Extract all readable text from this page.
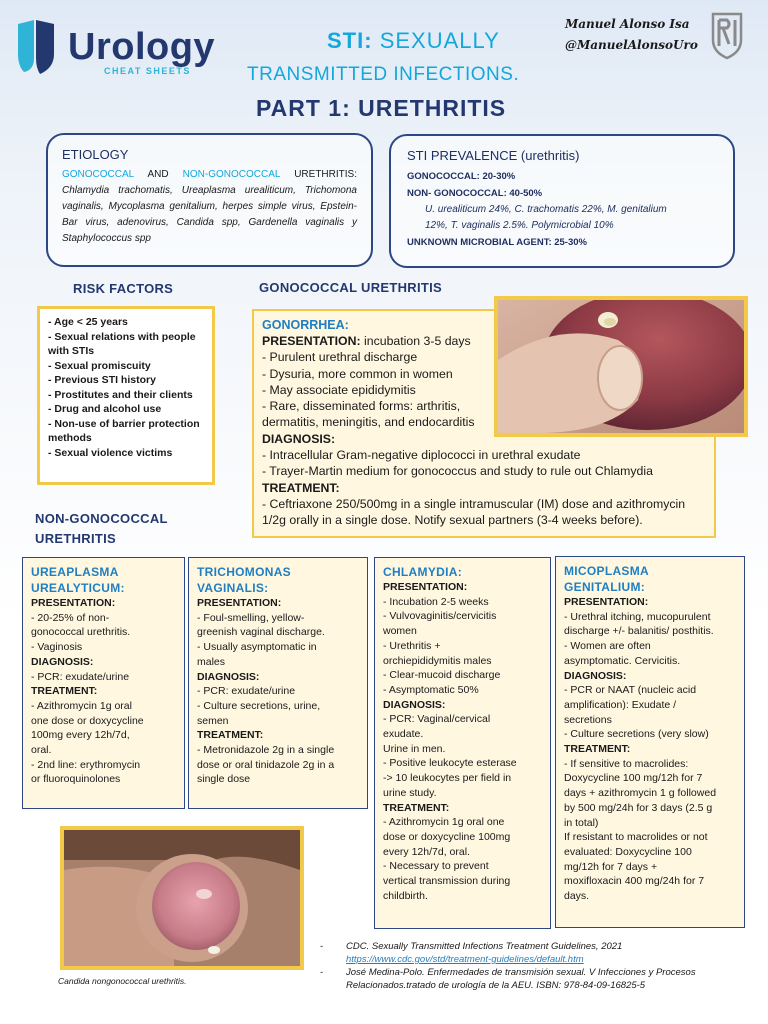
Urology
CHEAT SHEETS
STI: SEXUALLY
TRANSMITTED INFECTIONS.
PART 1: URETHRITIS
Manuel Alonso Isa
@ManuelAlonsoUro
ETIOLOGY
GONOCOCCAL AND NON-GONOCOCCAL URETHRITIS: Chlamydia trachomatis, Ureaplasma urealiticum, Trichomona vaginalis, Mycoplasma genitalium, herpes simple virus, Epstein-Bar virus, adenovirus, Candida spp, Gardenella vaginalis y Staphylococcus spp
STI PREVALENCE (urethritis)
GONOCOCCAL: 20-30%
NON- GONOCOCCAL: 40-50%
U. urealiticum 24%, C. trachomatis 22%, M. genitalium
12%, T. vaginalis 2.5%. Polymicrobial 10%
UNKNOWN MICROBIAL AGENT: 25-30%
RISK FACTORS
- Age < 25 years
- Sexual relations with people with STIs
- Sexual promiscuity
- Previous STI history
- Prostitutes and their clients
- Drug and alcohol use
- Non-use of barrier protection methods
- Sexual violence victims
GONOCOCCAL URETHRITIS
GONORRHEA:
PRESENTATION: incubation 3-5 days
- Purulent urethral discharge
- Dysuria, more common in women
- May associate epididymitis
- Rare, disseminated forms: arthritis,
dermatitis, meningitis, and endocarditis
DIAGNOSIS:
- Intracellular Gram-negative diplococci in urethral exudate
- Trayer-Martin medium for gonococcus and study to rule out Chlamydia
TREATMENT:
- Ceftriaxone 250/500mg in a single intramuscular (IM) dose and azithromycin
1/2g orally in a single dose. Notify sexual partners (3-4 weeks before).
NON-GONOCOCCAL
URETHRITIS
UREAPLASMA
UREALYTICUM:
PRESENTATION:
- 20-25% of non-
gonococcal urethritis.
- Vaginosis
DIAGNOSIS:
- PCR: exudate/urine
TREATMENT:
- Azithromycin 1g oral
one dose or doxycycline
100mg every 12h/7d,
oral.
- 2nd line: erythromycin
or fluoroquinolones
TRICHOMONAS
VAGINALIS:
PRESENTATION:
- Foul-smelling, yellow-
greenish vaginal discharge.
- Usually asymptomatic in
males
DIAGNOSIS:
- PCR: exudate/urine
- Culture secretions, urine,
semen
TREATMENT:
- Metronidazole 2g in a single
dose or oral tinidazole 2g in a
single dose
CHLAMYDIA:
PRESENTATION:
- Incubation 2-5 weeks
- Vulvovaginitis/cervicitis
women
- Urethritis +
orchiepididymitis males
- Clear-mucoid discharge
- Asymptomatic 50%
DIAGNOSIS:
- PCR: Vaginal/cervical
exudate.
Urine in men.
- Positive leukocyte esterase
-> 10 leukocytes per field in
urine study.
TREATMENT:
- Azithromycin 1g oral one
dose or doxycycline 100mg
every 12h/7d, oral.
- Necessary to prevent
vertical transmission during
childbirth.
MICOPLASMA
GENITALIUM:
PRESENTATION:
- Urethral itching, mucopurulent
discharge +/- balanitis/ posthitis.
- Women are often
asymptomatic. Cervicitis.
DIAGNOSIS:
- PCR or NAAT (nucleic acid
amplification): Exudate /
secretions
- Culture secretions (very slow)
TREATMENT:
- If sensitive to macrolides:
Doxycycline 100 mg/12h for 7
days + azithromycin 1 g followed
by 500 mg/24h for 3 days (2.5 g
in total)
If resistant to macrolides or not
evaluated: Doxycycline 100
mg/12h for 7 days +
moxifloxacin 400 mg/24h for 7
days.
Candida nongonococcal urethritis.
-	CDC. Sexually Transmitted Infections Treatment Guidelines, 2021
https://www.cdc.gov/std/treatment-guidelines/default.htm
-	José Medina-Polo. Enfermedades de transmisión sexual. V Infecciones y Procesos Relacionados.tratado de urología de la AEU. ISBN: 978-84-09-16825-5
